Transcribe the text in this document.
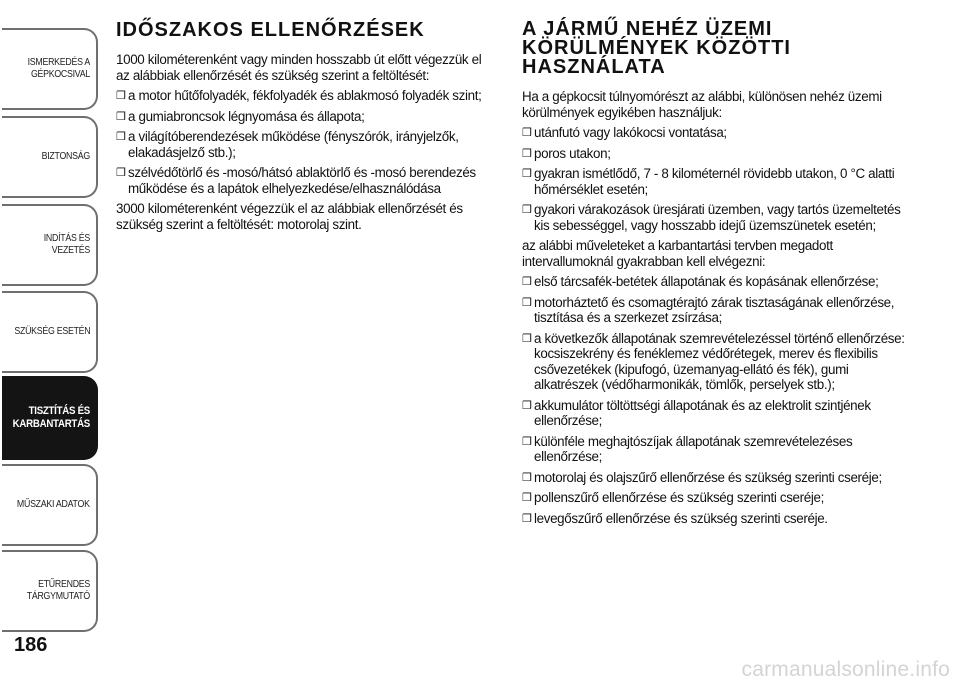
ISMERKEDÉS A GÉPKOCSIVAL
BIZTONSÁG
INDÍTÁS ÉS VEZETÉS
SZÜKSÉG ESETÉN
TISZTÍTÁS ÉS KARBANTARTÁS
MŰSZAKI ADATOK
ETŰRENDES TÁRGYMUTATÓ
186
IDŐSZAKOS ELLENŐRZÉSEK

1000 kilométerenként vagy minden hosszabb út előtt végezzük el az alábbiak ellenőrzését és szükség szerint a feltöltését:

❒ a motor hűtőfolyadék, fékfolyadék és ablakmosó folyadék szint;
❒ a gumiabroncsok légnyomása és állapota;
❒ a világítóberendezések működése (fényszórók, irányjelzők, elakadásjelző stb.);
❒ szélvédőtörlő és -mosó/hátsó ablaktörlő és -mosó berendezés működése és a lapátok elhelyezkedése/elhasználódása

3000 kilométerenként végezzük el az alábbiak ellenőrzését és szükség szerint a feltöltését: motorolaj szint.

A JÁRMŰ NEHÉZ ÜZEMI KÖRÜLMÉNYEK KÖZÖTTI HASZNÁLATA

Ha a gépkocsit túlnyomórészt az alábbi, különösen nehéz üzemi körülmények egyikében használjuk:

❒ utánfutó vagy lakókocsi vontatása;
❒ poros utakon;
❒ gyakran ismétlődő, 7 - 8 kilométernél rövidebb utakon, 0 °C alatti hőmérséklet esetén;
❒ gyakori várakozások üresjárati üzemben, vagy tartós üzemeltetés kis sebességgel, vagy hosszabb idejű üzemszünetek esetén;

az alábbi műveleteket a karbantartási tervben megadott intervallumoknál gyakrabban kell elvégezni:

❒ első tárcsafék-betétek állapotának és kopásának ellenőrzése;
❒ motorháztető és csomagtérajtó zárak tisztaságának ellenőrzése, tisztítása és a szerkezet zsírzása;
❒ a következők állapotának szemrevételezéssel történő ellenőrzése: kocsiszekrény és fenéklemez védőrétegek, merev és flexibilis csővezetékek (kipufogó, üzemanyag-ellátó és fék), gumi alkatrészek (védőharmonikák, tömlők, perselyek stb.);
❒ akkumulátor töltöttségi állapotának és az elektrolit szintjének ellenőrzése;
❒ különféle meghajtószíjak állapotának szemrevételezéses ellenőrzése;
❒ motorolaj és olajszűrő ellenőrzése és szükség szerinti cseréje;
❒ pollenszűrő ellenőrzése és szükség szerinti cseréje;
❒ levegőszűrő ellenőrzése és szükség szerinti cseréje.
carmanualsonline.info
